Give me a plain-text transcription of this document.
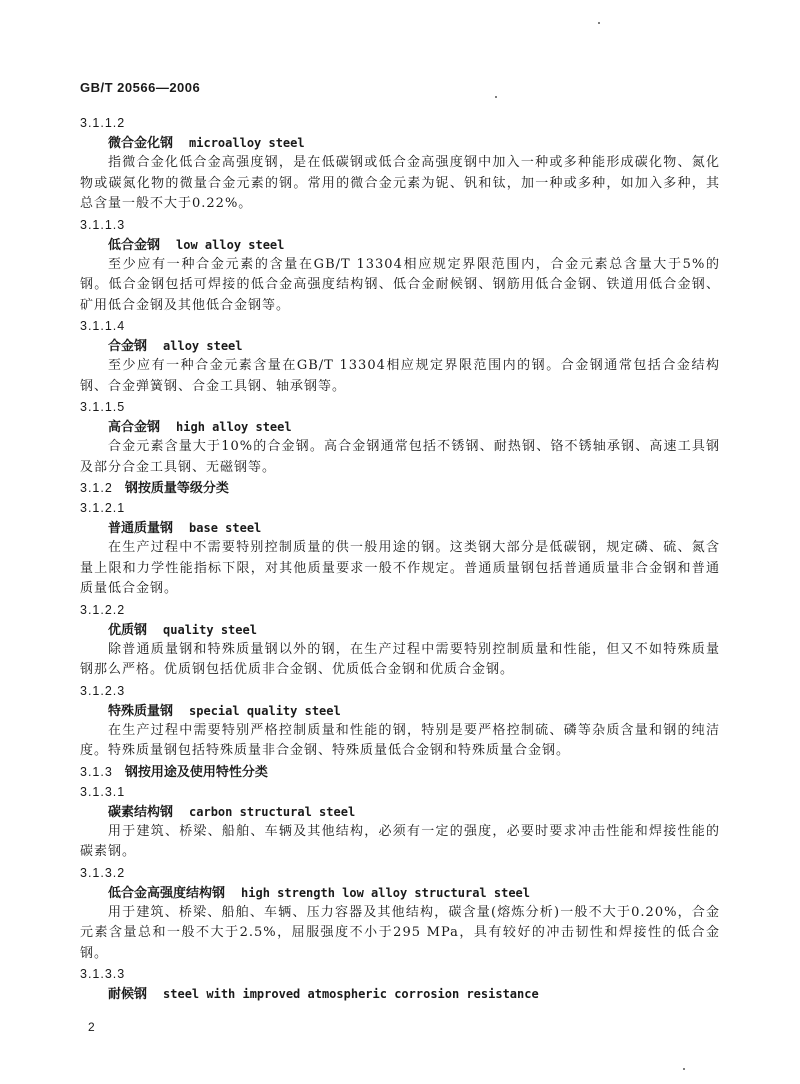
GB/T 20566—2006

3.1.1.2

微合金化钢 microalloy steel

指微合金化低合金高强度钢，是在低碳钢或低合金高强度钢中加入一种或多种能形成碳化物、氮化物或碳氮化物的微量合金元素的钢。常用的微合金元素为铌、钒和钛，加一种或多种，如加入多种，其总含量一般不大于0.22%。

3.1.1.3

低合金钢 low alloy steel

至少应有一种合金元素的含量在GB/T 13304相应规定界限范围内，合金元素总含量大于5%的钢。低合金钢包括可焊接的低合金高强度结构钢、低合金耐候钢、钢筋用低合金钢、铁道用低合金钢、矿用低合金钢及其他低合金钢等。

3.1.1.4

合金钢 alloy steel

至少应有一种合金元素含量在GB/T 13304相应规定界限范围内的钢。合金钢通常包括合金结构钢、合金弹簧钢、合金工具钢、轴承钢等。

3.1.1.5

高合金钢 high alloy steel

合金元素含量大于10%的合金钢。高合金钢通常包括不锈钢、耐热钢、铬不锈轴承钢、高速工具钢及部分合金工具钢、无磁钢等。

3.1.2 钢按质量等级分类

3.1.2.1

普通质量钢 base steel

在生产过程中不需要特别控制质量的供一般用途的钢。这类钢大部分是低碳钢，规定磷、硫、氮含量上限和力学性能指标下限，对其他质量要求一般不作规定。普通质量钢包括普通质量非合金钢和普通质量低合金钢。

3.1.2.2

优质钢 quality steel

除普通质量钢和特殊质量钢以外的钢，在生产过程中需要特别控制质量和性能，但又不如特殊质量钢那么严格。优质钢包括优质非合金钢、优质低合金钢和优质合金钢。

3.1.2.3

特殊质量钢 special quality steel

在生产过程中需要特别严格控制质量和性能的钢，特别是要严格控制硫、磷等杂质含量和钢的纯洁度。特殊质量钢包括特殊质量非合金钢、特殊质量低合金钢和特殊质量合金钢。

3.1.3 钢按用途及使用特性分类

3.1.3.1

碳素结构钢 carbon structural steel

用于建筑、桥梁、船舶、车辆及其他结构，必须有一定的强度，必要时要求冲击性能和焊接性能的碳素钢。

3.1.3.2

低合金高强度结构钢 high strength low alloy structural steel

用于建筑、桥梁、船舶、车辆、压力容器及其他结构，碳含量(熔炼分析)一般不大于0.20%，合金元素含量总和一般不大于2.5%，屈服强度不小于295 MPa，具有较好的冲击韧性和焊接性的低合金钢。

3.1.3.3

耐候钢 steel with improved atmospheric corrosion resistance

2
